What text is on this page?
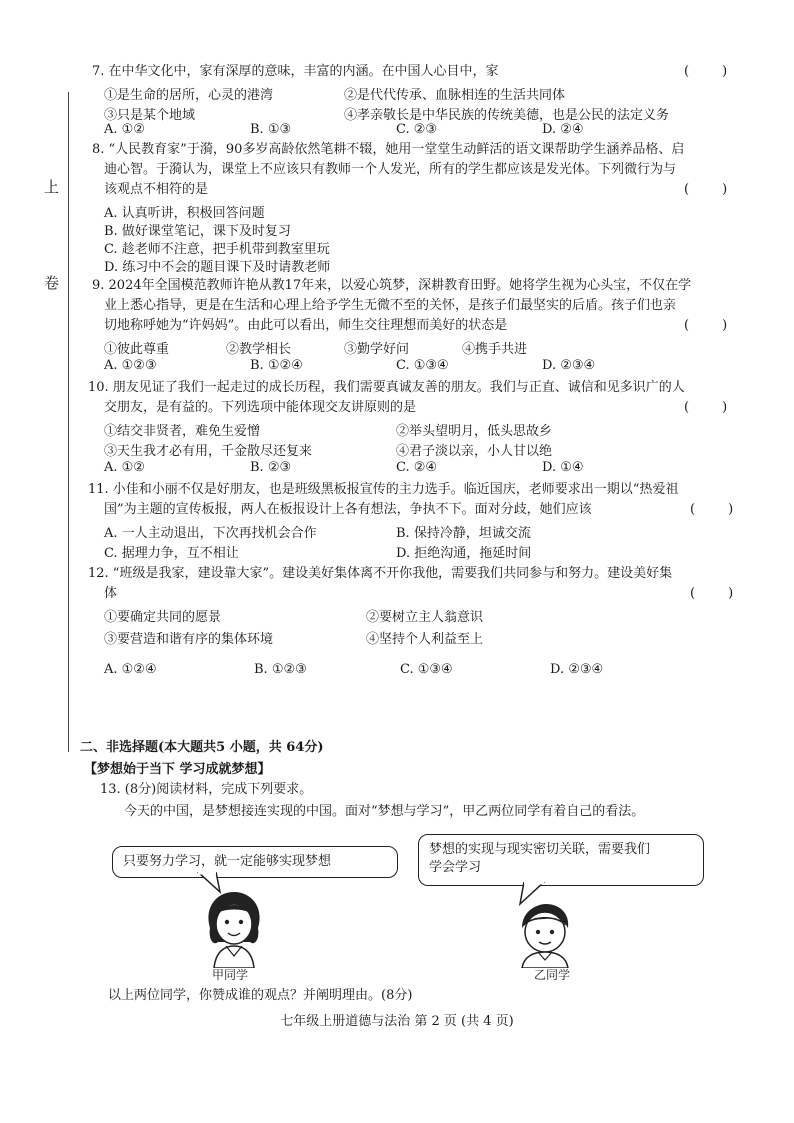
上
卷
7. 在中华文化中，家有深厚的意味，丰富的内涵。在中国人心目中，家	(        )
①是生命的居所，心灵的港湾	②是代代传承、血脉相连的生活共同体
③只是某个地域	④孝亲敬长是中华民族的传统美德，也是公民的法定义务
A. ①②	B. ①③	C. ②③	D. ②④
8. “人民教育家”于漪，90多岁高龄依然笔耕不辍，她用一堂堂生动鲜活的语文课帮助学生涵养品格、启
迪心智。于漪认为，课堂上不应该只有教师一个人发光，所有的学生都应该是发光体。下列微行为与
该观点不相符的是	(        )
A. 认真听讲，积极回答问题
B. 做好课堂笔记，课下及时复习
C. 趁老师不注意，把手机带到教室里玩
D. 练习中不会的题目课下及时请教老师
9. 2024年全国模范教师许艳从教17年来，以爱心筑梦，深耕教育田野。她将学生视为心头宝，不仅在学
业上悉心指导，更是在生活和心理上给予学生无微不至的关怀，是孩子们最坚实的后盾。孩子们也亲
切地称呼她为“许妈妈”。由此可以看出，师生交往理想而美好的状态是	(        )
①彼此尊重	②教学相长	③勤学好问	④携手共进
A. ①②③	B. ①②④	C. ①③④	D. ②③④
10. 朋友见证了我们一起走过的成长历程，我们需要真诚友善的朋友。我们与正直、诚信和见多识广的人
交朋友，是有益的。下列选项中能体现交友讲原则的是	(        )
①结交非贤者，难免生爱憎	②举头望明月，低头思故乡
③天生我才必有用，千金散尽还复来	④君子淡以亲，小人甘以绝
A. ①②	B. ②③	C. ②④	D. ①④
11. 小佳和小丽不仅是好朋友，也是班级黑板报宣传的主力选手。临近国庆，老师要求出一期以“热爱祖
国”为主题的宣传板报，两人在板报设计上各有想法，争执不下。面对分歧，她们应该	(        )
A. 一人主动退出，下次再找机会合作	B. 保持冷静，坦诚交流
C. 据理力争，互不相让	D. 拒绝沟通，拖延时间
12. “班级是我家，建设靠大家”。建设美好集体离不开你我他，需要我们共同参与和努力。建设美好集
体	(        )
①要确定共同的愿景	②要树立主人翁意识
③要营造和谐有序的集体环境	④坚持个人利益至上
A. ①②④	B. ①②③	C. ①③④	D. ②③④
二、非选择题(本大题共5 小题，共 64分)
【梦想始于当下 学习成就梦想】
13. (8分)阅读材料，完成下列要求。
今天的中国，是梦想接连实现的中国。面对“梦想与学习”，甲乙两位同学有着自己的看法。
只要努力学习，就一定能够实现梦想
梦想的实现与现实密切关联，需要我们
学会学习
甲同学	乙同学
以上两位同学，你赞成谁的观点？并阐明理由。(8分)
七年级上册道德与法治 第 2 页 (共 4 页)
